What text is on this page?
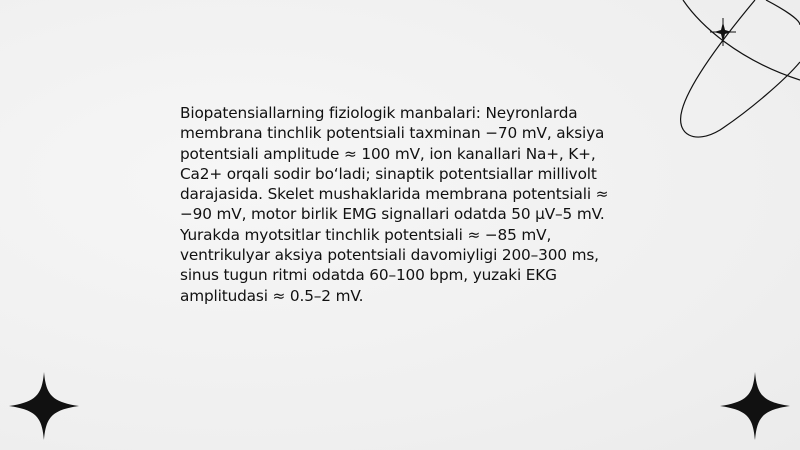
Biopatensiallarning fiziologik manbalari: Neyronlarda membrana tinchlik potentsiali taxminan −70 mV, aksiya potentsiali amplitude ≈ 100 mV, ion kanallari Na+, K+, Ca2+ orqali sodir bo‘ladi; sinaptik potentsiallar millivolt darajasida. Skelet mushaklarida membrana potentsiali ≈ −90 mV, motor birlik EMG signallari odatda 50 μV–5 mV. Yurakda myotsitlar tinchlik potentsiali ≈ −85 mV, ventrikulyar aksiya potentsiali davomiyligi 200–300 ms, sinus tugun ritmi odatda 60–100 bpm, yuzaki EKG amplitudasi ≈ 0.5–2 mV.
